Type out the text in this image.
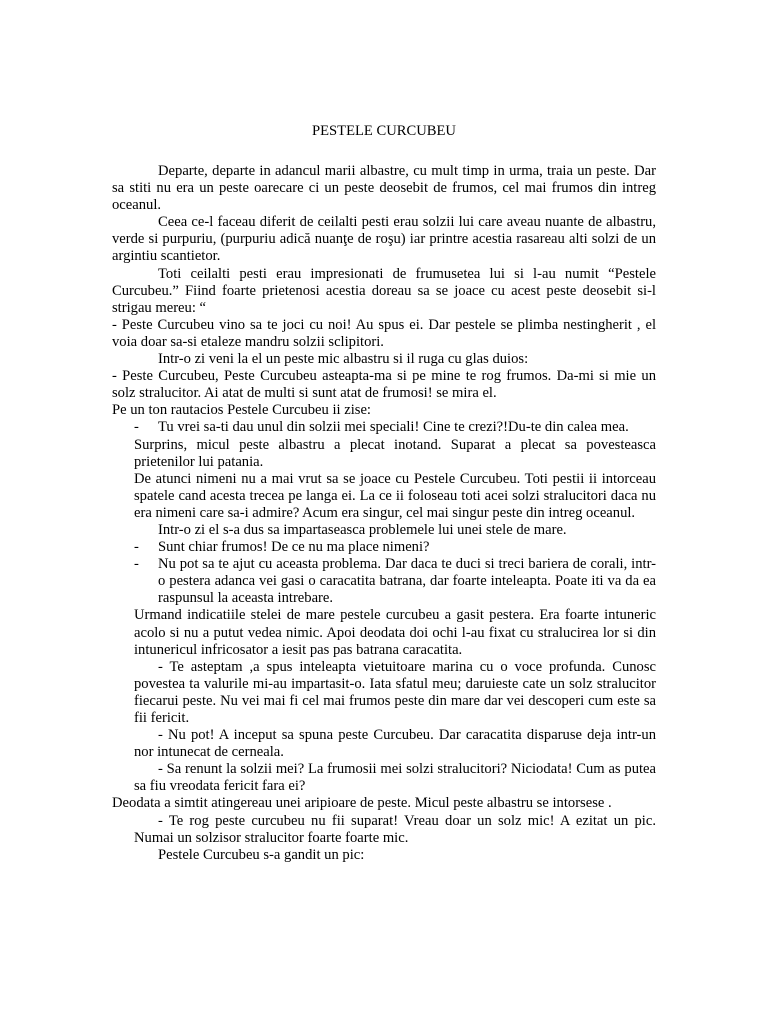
PESTELE CURCUBEU

Departe, departe in adancul marii albastre, cu mult timp in urma, traia un peste. Dar sa stiti nu era un peste oarecare ci un peste deosebit de frumos, cel mai frumos din intreg oceanul.

Ceea ce-l faceau diferit de ceilalti pesti erau solzii lui care aveau nuante de albastru, verde si purpuriu, (purpuriu adică nuanţe de roşu) iar printre acestia rasareau alti solzi de un argintiu scantietor.

Toti ceilalti pesti erau impresionati de frumusetea lui si l-au numit “Pestele Curcubeu.” Fiind foarte prietenosi acestia doreau sa se joace cu acest peste deosebit si-l strigau mereu: “

- Peste Curcubeu vino sa te joci cu noi! Au spus ei. Dar pestele se plimba nestingherit , el voia doar sa-si etaleze mandru solzii sclipitori.

Intr-o zi veni la el un peste mic albastru si il ruga cu glas duios:

- Peste Curcubeu, Peste Curcubeu asteapta-ma si pe mine te rog frumos. Da-mi si mie un solz stralucitor. Ai atat de multi si sunt atat de frumosi! se mira el.

Pe un ton rautacios Pestele Curcubeu ii zise:

- Tu vrei sa-ti dau unul din solzii mei speciali! Cine te crezi?!Du-te din calea mea.

Surprins, micul peste albastru a plecat inotand. Suparat a plecat sa povesteasca prietenilor lui patania.

De atunci nimeni nu a mai vrut sa se joace cu Pestele Curcubeu. Toti pestii ii intorceau spatele cand acesta trecea pe langa ei. La ce ii foloseau toti acei solzi stralucitori daca nu era nimeni care sa-i admire? Acum era singur, cel mai singur peste din intreg oceanul.

Intr-o zi el s-a dus sa impartaseasca problemele lui unei stele de mare.

- Sunt chiar frumos! De ce nu ma place nimeni?
- Nu pot sa te ajut cu aceasta problema. Dar daca te duci si treci bariera de corali, intr-o pestera adanca vei gasi o caracatita batrana, dar foarte inteleapta. Poate iti va da ea raspunsul la aceasta intrebare.

Urmand indicatiile stelei de mare pestele curcubeu a gasit pestera. Era foarte intuneric acolo si nu a putut vedea nimic. Apoi deodata doi ochi l-au fixat cu stralucirea lor si din intunericul infricosator a iesit pas pas batrana caracatita.

- Te asteptam ,a spus inteleapta vietuitoare marina cu o voce profunda. Cunosc povestea ta valurile mi-au impartasit-o. Iata sfatul meu; daruieste cate un solz stralucitor fiecarui peste. Nu vei mai fi cel mai frumos peste din mare dar vei descoperi cum este sa fii fericit.

- Nu pot! A inceput sa spuna peste Curcubeu. Dar caracatita disparuse deja intr-un nor intunecat de cerneala.

- Sa renunt la solzii mei? La frumosii mei solzi stralucitori? Niciodata! Cum as putea sa fiu vreodata fericit fara ei?

Deodata a simtit atingereau unei aripioare de peste. Micul peste albastru se intorsese .

- Te rog peste curcubeu nu fii suparat! Vreau doar un solz mic! A ezitat un pic. Numai un solzisor stralucitor foarte foarte mic.

Pestele Curcubeu s-a gandit un pic:
